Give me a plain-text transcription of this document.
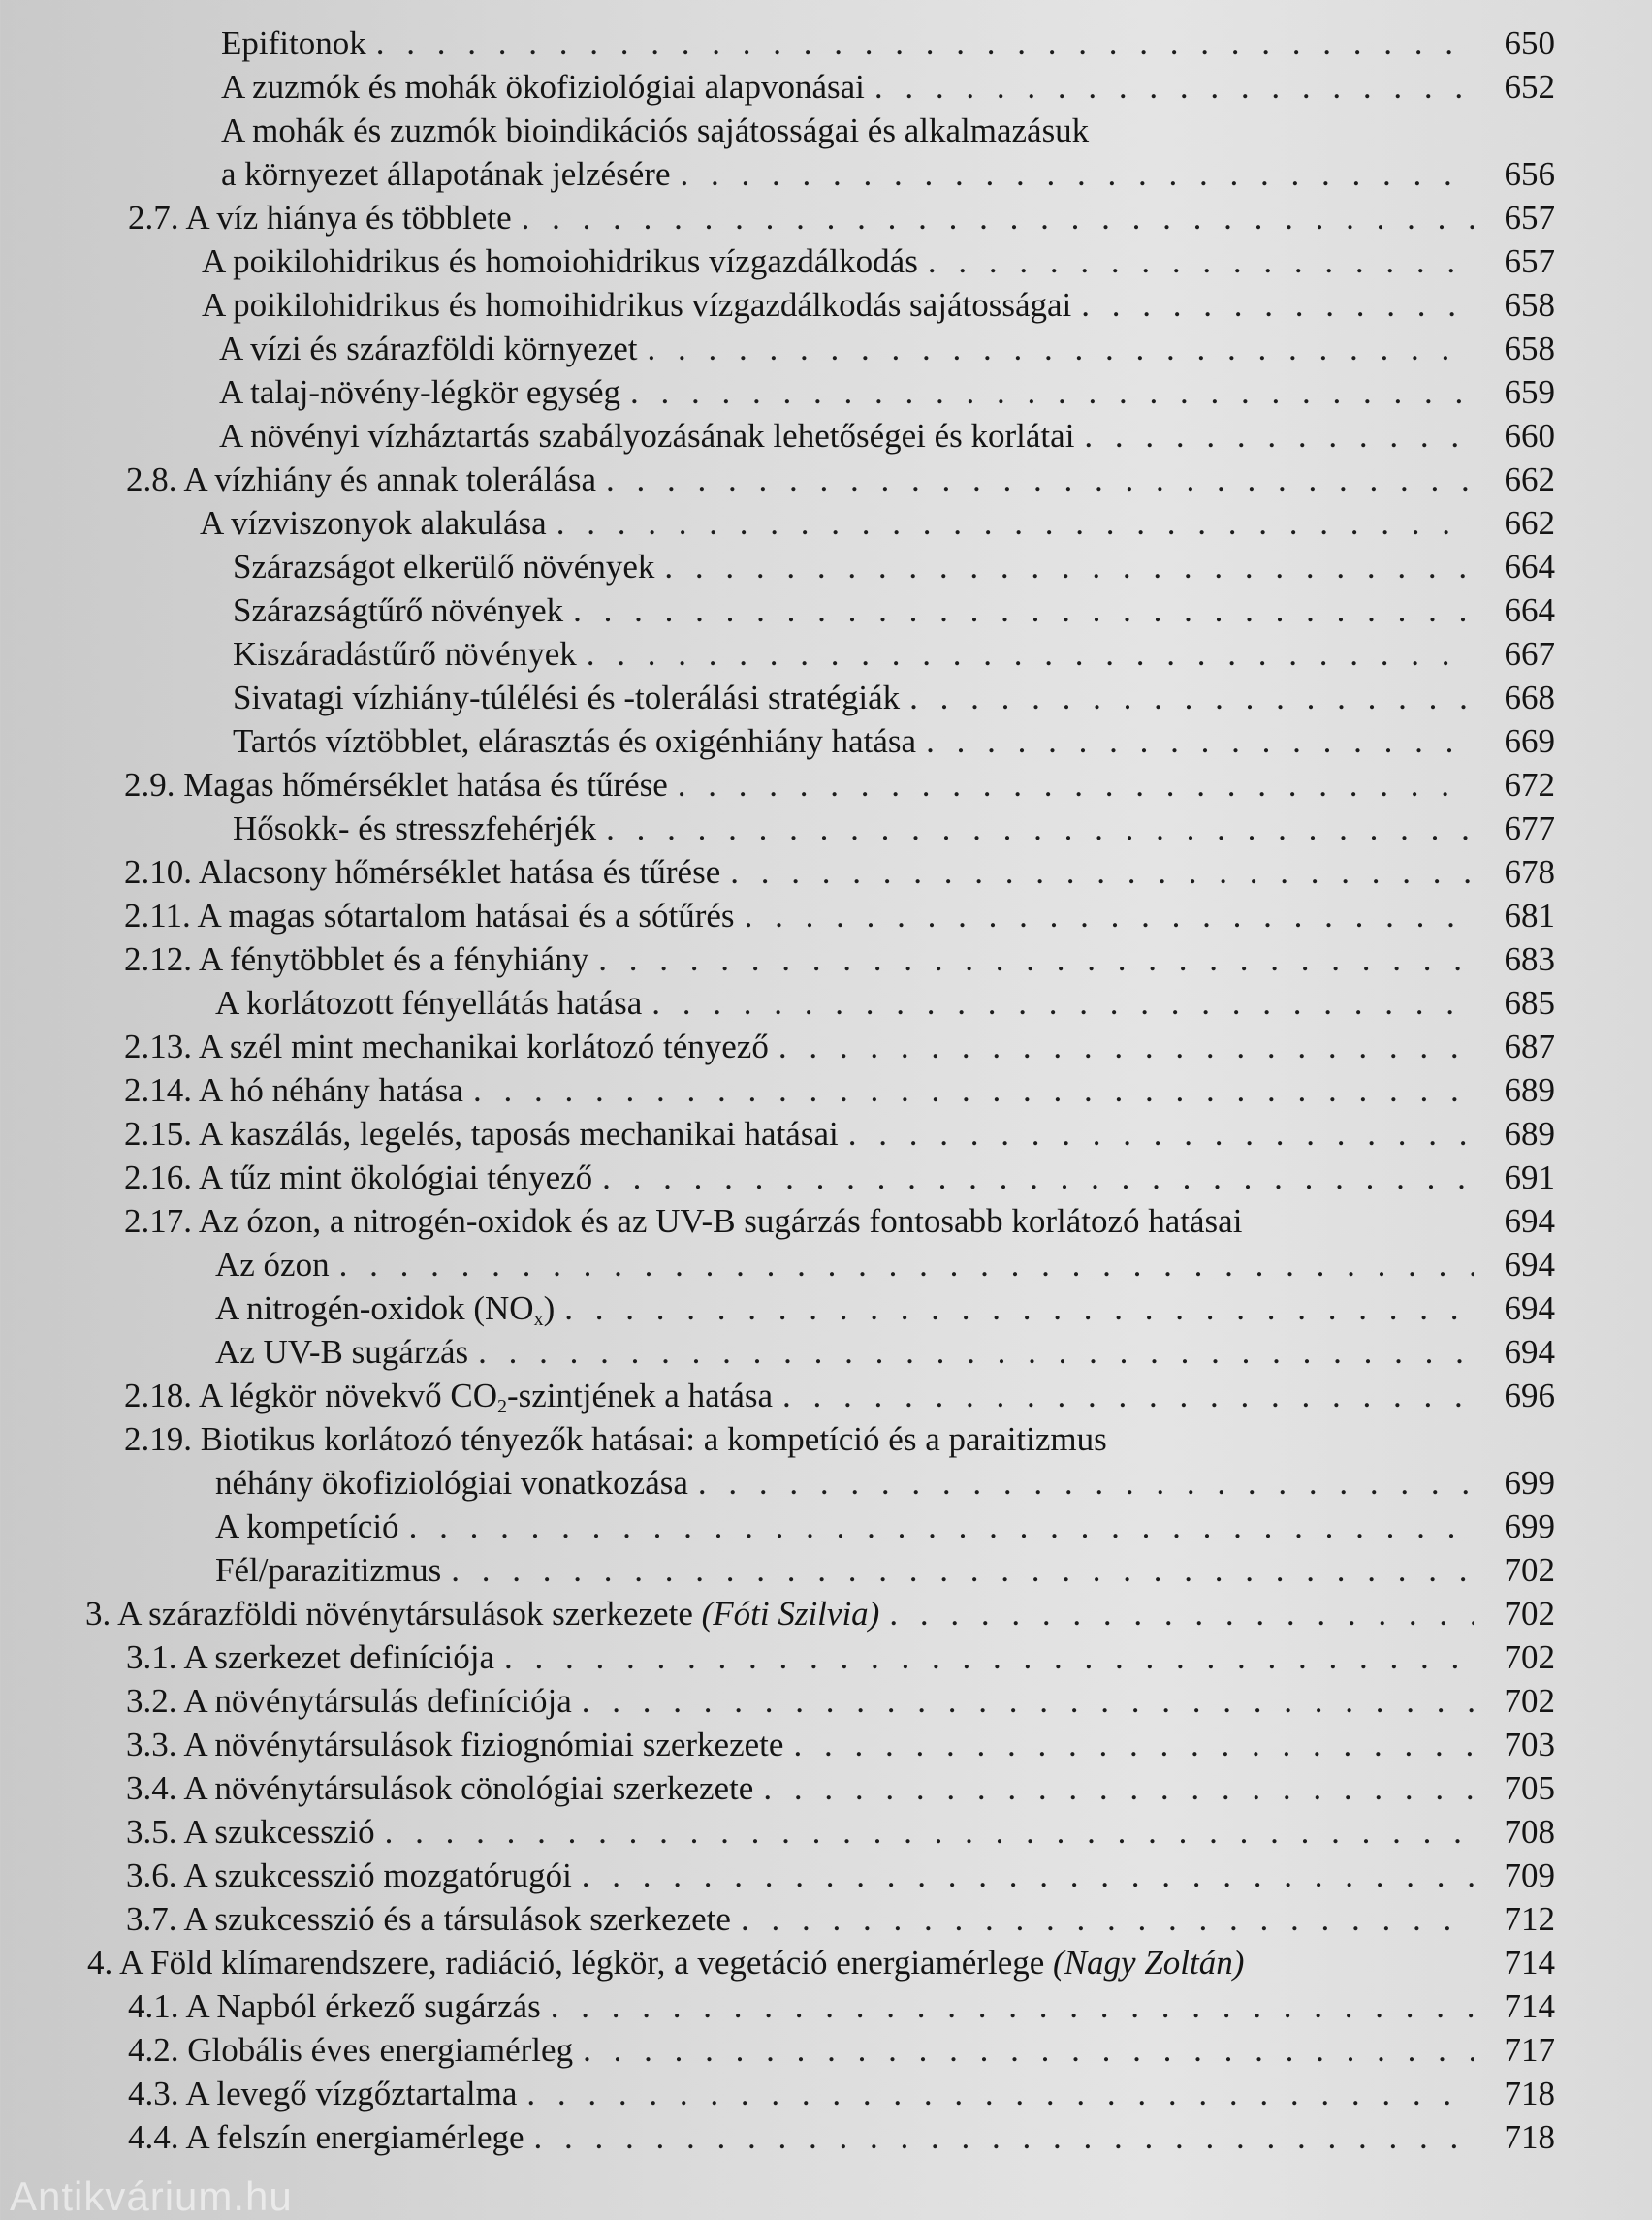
Epifitonok . . .	650
A zuzmók és mohák ökofiziológiai alapvonásai . . .	652
A mohák és zuzmók bioindikációs sajátosságai és alkalmazásuk
a környezet állapotának jelzésére . . .	656
2.7. A víz hiánya és többlete . . .	657
A poikilohidrikus és homoiohidrikus vízgazdálkodás . . .	657
A poikilohidrikus és homoihidrikus vízgazdálkodás sajátosságai . . .	658
A vízi és szárazföldi környezet . . .	658
A talaj-növény-légkör egység . . .	659
A növényi vízháztartás szabályozásának lehetőségei és korlátai . . .	660
2.8. A vízhiány és annak tolerálása . . .	662
A vízviszonyok alakulása . . .	662
Szárazságot elkerülő növények . . .	664
Szárazságtűrő növények . . .	664
Kiszáradástűrő növények . . .	667
Sivatagi vízhiány-túlélési és -tolerálási stratégiák . . .	668
Tartós víztöbblet, elárasztás és oxigénhiány hatása . . .	669
2.9. Magas hőmérséklet hatása és tűrése . . .	672
Hősokk- és stresszfehérjék . . .	677
2.10. Alacsony hőmérséklet hatása és tűrése . . .	678
2.11. A magas sótartalom hatásai és a sótűrés . . .	681
2.12. A fénytöbblet és a fényhiány . . .	683
A korlátozott fényellátás hatása . . .	685
2.13. A szél mint mechanikai korlátozó tényező . . .	687
2.14. A hó néhány hatása . . .	689
2.15. A kaszálás, legelés, taposás mechanikai hatásai . . .	689
2.16. A tűz mint ökológiai tényező . . .	691
2.17. Az ózon, a nitrogén-oxidok és az UV-B sugárzás fontosabb korlátozó hatásai	694
Az ózon . . .	694
A nitrogén-oxidok $(NO_x)$ . . .	694
Az UV-B sugárzás . . .	694
2.18. A légkör növekvő $CO_2$-szintjének a hatása . . .	696
2.19. Biotikus korlátozó tényezők hatásai: a kompetíció és a paraitizmus
néhány ökofiziológiai vonatkozása . . .	699
A kompetíció . . .	699
Fél/parazitizmus . . .	702
3. A szárazföldi növénytársulások szerkezete (Fóti Szilvia) . . .	702
3.1. A szerkezet definíciója . . .	702
3.2. A növénytársulás definíciója . . .	702
3.3. A növénytársulások fiziognómiai szerkezete . . .	703
3.4. A növénytársulások cönológiai szerkezete . . .	705
3.5. A szukcesszió . . .	708
3.6. A szukcesszió mozgatórugói . . .	709
3.7. A szukcesszió és a társulások szerkezete . . .	712
4. A Föld klímarendszere, radiáció, légkör, a vegetáció energiamérlege (Nagy Zoltán)	714
4.1. A Napból érkező sugárzás . . .	714
4.2. Globális éves energiamérleg . . .	717
4.3. A levegő vízgőztartalma . . .	718
4.4. A felszín energiamérlege . . .	718
Antikvárium.hu
